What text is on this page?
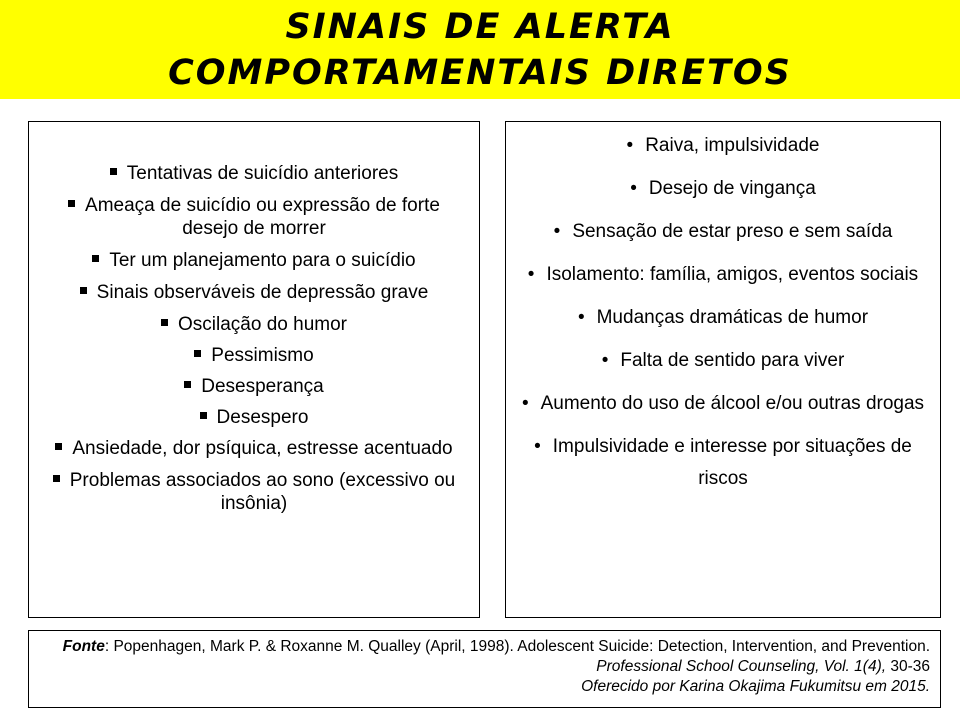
SINAIS DE ALERTA
COMPORTAMENTAIS DIRETOS
Tentativas de suicídio anteriores
Ameaça de suicídio ou expressão de forte desejo de morrer
Ter um planejamento para o suicídio
Sinais observáveis de depressão grave
Oscilação do humor
Pessimismo
Desesperança
Desespero
Ansiedade, dor psíquica, estresse acentuado
Problemas associados ao sono (excessivo ou insônia)
• Raiva, impulsividade
• Desejo de vingança
• Sensação de estar preso e sem saída
• Isolamento: família, amigos, eventos sociais
• Mudanças dramáticas de humor
• Falta de sentido para viver
• Aumento do uso de álcool e/ou outras drogas
• Impulsividade e interesse por situações de riscos
Fonte: Popenhagen, Mark P. & Roxanne M. Qualley (April, 1998). Adolescent Suicide: Detection, Intervention, and Prevention. Professional School Counseling, Vol. 1(4), 30-36
Oferecido por Karina Okajima Fukumitsu em 2015.
